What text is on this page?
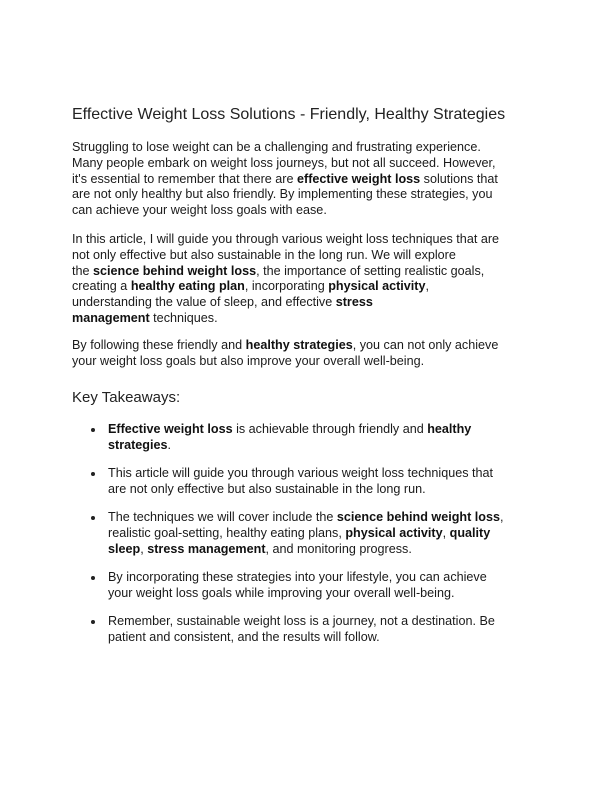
Effective Weight Loss Solutions - Friendly, Healthy Strategies
Struggling to lose weight can be a challenging and frustrating experience.
Many people embark on weight loss journeys, but not all succeed. However,
it's essential to remember that there are effective weight loss solutions that
are not only healthy but also friendly. By implementing these strategies, you
can achieve your weight loss goals with ease.
In this article, I will guide you through various weight loss techniques that are
not only effective but also sustainable in the long run. We will explore
the science behind weight loss, the importance of setting realistic goals,
creating a healthy eating plan, incorporating physical activity,
understanding the value of sleep, and effective stress
management techniques.
By following these friendly and healthy strategies, you can not only achieve
your weight loss goals but also improve your overall well-being.
Key Takeaways:
Effective weight loss is achievable through friendly and healthy
strategies.
This article will guide you through various weight loss techniques that
are not only effective but also sustainable in the long run.
The techniques we will cover include the science behind weight loss,
realistic goal-setting, healthy eating plans, physical activity, quality
sleep, stress management, and monitoring progress.
By incorporating these strategies into your lifestyle, you can achieve
your weight loss goals while improving your overall well-being.
Remember, sustainable weight loss is a journey, not a destination. Be
patient and consistent, and the results will follow.
